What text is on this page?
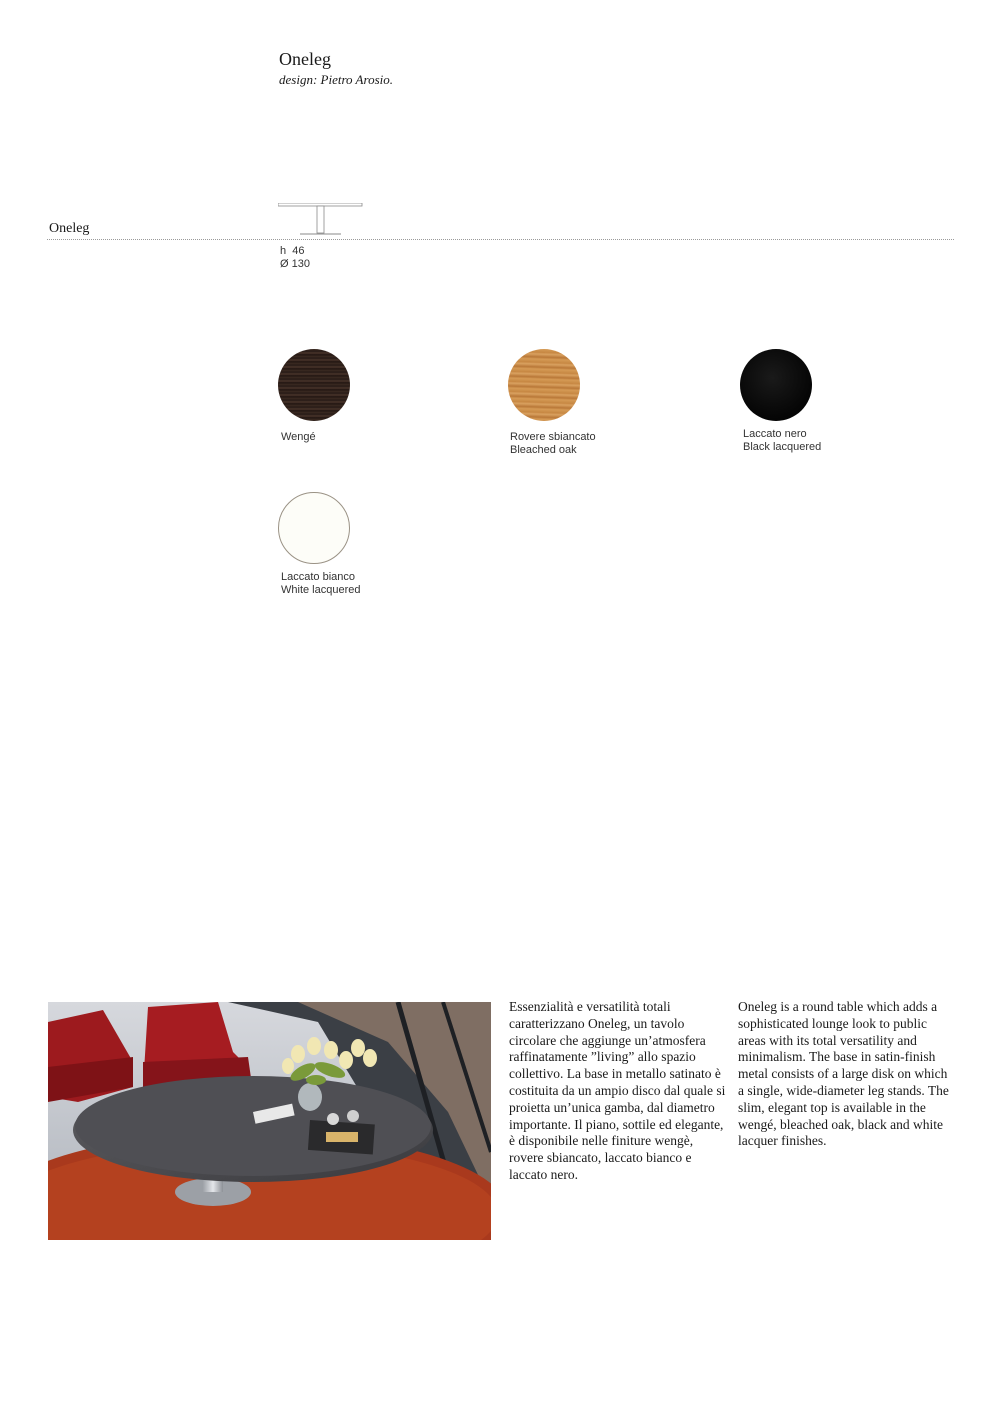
Oneleg
design: Pietro Arosio.
Oneleg
h  46
Ø 130
Wengé	Rovere sbiancato
Bleached oak
Laccato nero
Black lacquered
Laccato bianco
White lacquered
Essenzialità e versatilità totali caratterizzano Oneleg, un tavolo circolare che aggiunge un’atmosfera raffinatamente ”living” allo spazio collettivo. La base in metallo satinato è costituita da un ampio disco dal quale si proietta un’unica gamba, dal diametro importante. Il piano, sottile ed elegante, è disponibile nelle finiture wengè, rovere sbiancato, laccato bianco e laccato nero.
Oneleg is a round table which adds a sophisticated lounge look to public areas with its total versatility and minimalism. The base in satin-finish metal consists of a large disk on which a single, wide-diameter leg stands. The slim, elegant top is available in the wengé, bleached oak, black and white lacquer finishes.
